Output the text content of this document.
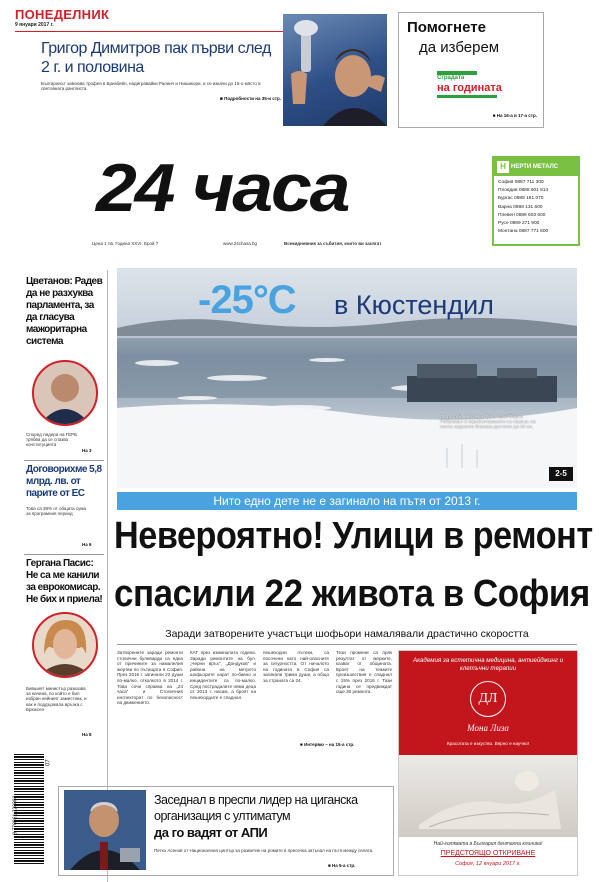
ПОНЕДЕЛНИК
9 януари 2017 г.
Григор Димитров пак първи след 2 г. и половина
Българинът завоюва трофея в Бризбейн, надигравайки Раонич и Нишикори, и се изкачи до 15-о място в световната ранглиста.
■ Подробности на 35-и стр.
Помогнете
да изберем
Сградата
на годината
■ На 16-а и 17-а стр.
24 часа
Цена 1 лв. Година XXVI. Брой 7	www.24chasa.bg	Всекидневник за събития, които ви засягат
Н НЕРТИ МЕТАЛС
София 0887 711 300
Пловдив 0888 601 614
Бургас 0888 161 070
Варна 0888 131 600
Плевен 0889 603 600
Русе 0889 271 900
Монтана 0887 771 600
Цветанов: Радев да не разхуква парламента, за да гласува мажоритарна система
Според лидера на ГЕРБ трябва да се спазва конституцията
На 3
Договорихме 5,8 млрд. лв. от парите от ЕС
Това са 39% от общата сума за програмния период
На 6
Гергана Пасис: Не са ме канили за еврокомисар. Не бих и приела!
Бившият министър разказва за начина, по който е бил избран нейният заместник, и как е поддържала връзка с Брюксел
На 8
9 770861 320003
07
-25°C в Кюстендил
Ледът обхвана река Дунав край Видин. Риболовът и корабоплаването са спрени, на места ледените блокове достигат до 40 см.
2-5
Нито едно дете не е загинало на пътя от 2013 г.
Невероятно! Улици в ремонт
спасили 22 живота в София
Заради затворените участъци шофьори намалявали драстично скоростта

Затворените заради ремонти столични булеварди са една от причините за намалелия жертви по пътищата в София. През 2016 г. загинали 22 души по-малко, отколкото в 2014 г. Това сочи справка на „24 часа“ и Столичния инспекторат по безопасност на движението.

КАТ през изминалата година. Заради ремонтите на бул. „Черни връх“, „Дондуков“ и района на метрото шофьорите карат по-бавно и инцидентите са по-малко. Сред пострадалите няма деца от 2013 г. насам, а броят на пешеходците е спаднал.

пешеходни пътеки, са посочени като най-опасните за сигурността. От началото на годината в София са загинали трима души, а общо за страната са 24.

Тези промени са пряк резултат от мерките, казват от общината. Броят на тежките произшествия е спаднал с 15% през 2016 г. Тази година се предвиждат още 30 ремонта.

■ Интервю – на 15-а стр.
Академия за естетична медицина, антиейджинг и клетъчни терапии
ДЛ
Мона Лиза
Красотата е изкуство. Вярно е научно!
Най-голямата в България дентална клиника!
ПРЕДСТОЯЩО ОТКРИВАНЕ
София, 12 януари 2017 г.
Заседнал в преспи лидер на циганска организация с ултиматум
да го вадят от АПИ
Петко Асенов от Националния център за развитие на ромите в пресечка затънал на пътя между селата.
■ На 5-а стр.
